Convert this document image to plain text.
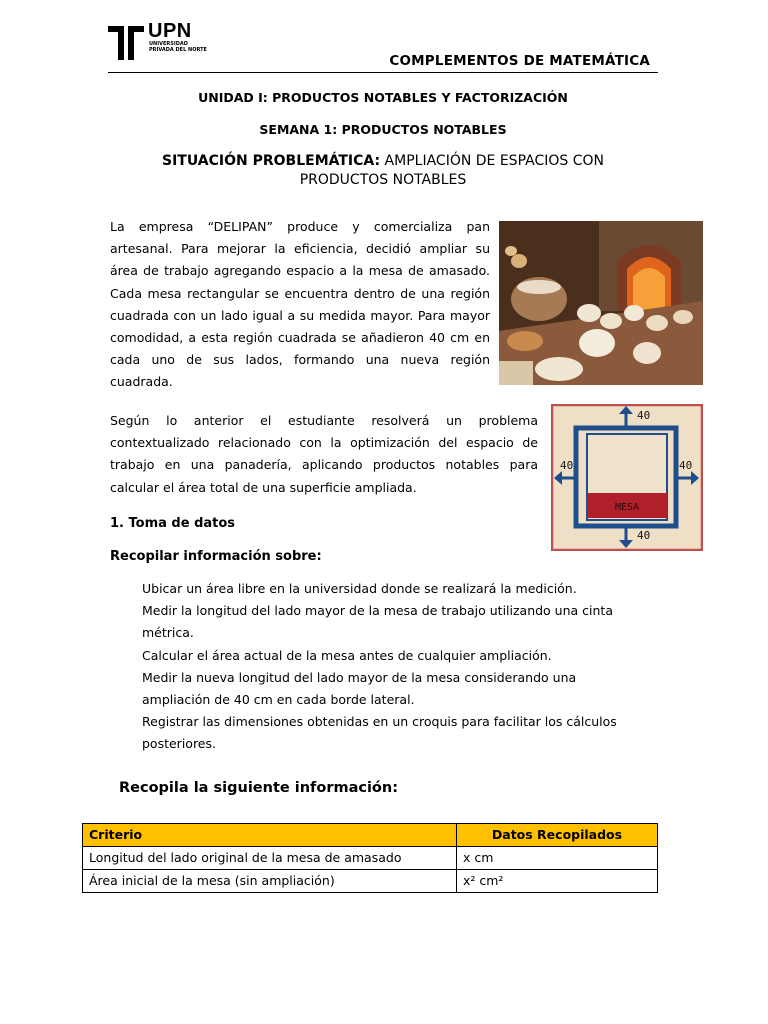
UPN
UNIVERSIDAD PRIVADA DEL NORTE
COMPLEMENTOS DE MATEMÁTICA
UNIDAD I: PRODUCTOS NOTABLES Y FACTORIZACIÓN
SEMANA 1: PRODUCTOS NOTABLES
SITUACIÓN PROBLEMÁTICA: AMPLIACIÓN DE ESPACIOS CON
PRODUCTOS NOTABLES
La empresa “DELIPAN” produce y comercializa pan artesanal. Para mejorar la eficiencia, decidió ampliar su área de trabajo agregando espacio a la mesa de amasado. Cada mesa rectangular se encuentra dentro de una región cuadrada con un lado igual a su medida mayor. Para mayor comodidad, a esta región cuadrada se añadieron 40 cm en cada uno de sus lados, formando una nueva región cuadrada.
40
40	40
40
MESA
Según lo anterior el estudiante resolverá un problema contextualizado relacionado con la optimización del espacio de trabajo en una panadería, aplicando productos notables para calcular el área total de una superficie ampliada.
1. Toma de datos
Recopilar información sobre:

Ubicar un área libre en la universidad donde se realizará la medición.

Medir la longitud del lado mayor de la mesa de trabajo utilizando una cinta métrica.

Calcular el área actual de la mesa antes de cualquier ampliación.

Medir la nueva longitud del lado mayor de la mesa considerando una ampliación de 40 cm en cada borde lateral.

Registrar las dimensiones obtenidas en un croquis para facilitar los cálculos posteriores.

Recopila la siguiente información:
Criterio	Datos Recopilados
Longitud del lado original de la mesa de amasado	x cm
Área inicial de la mesa (sin ampliación)	x² cm²
